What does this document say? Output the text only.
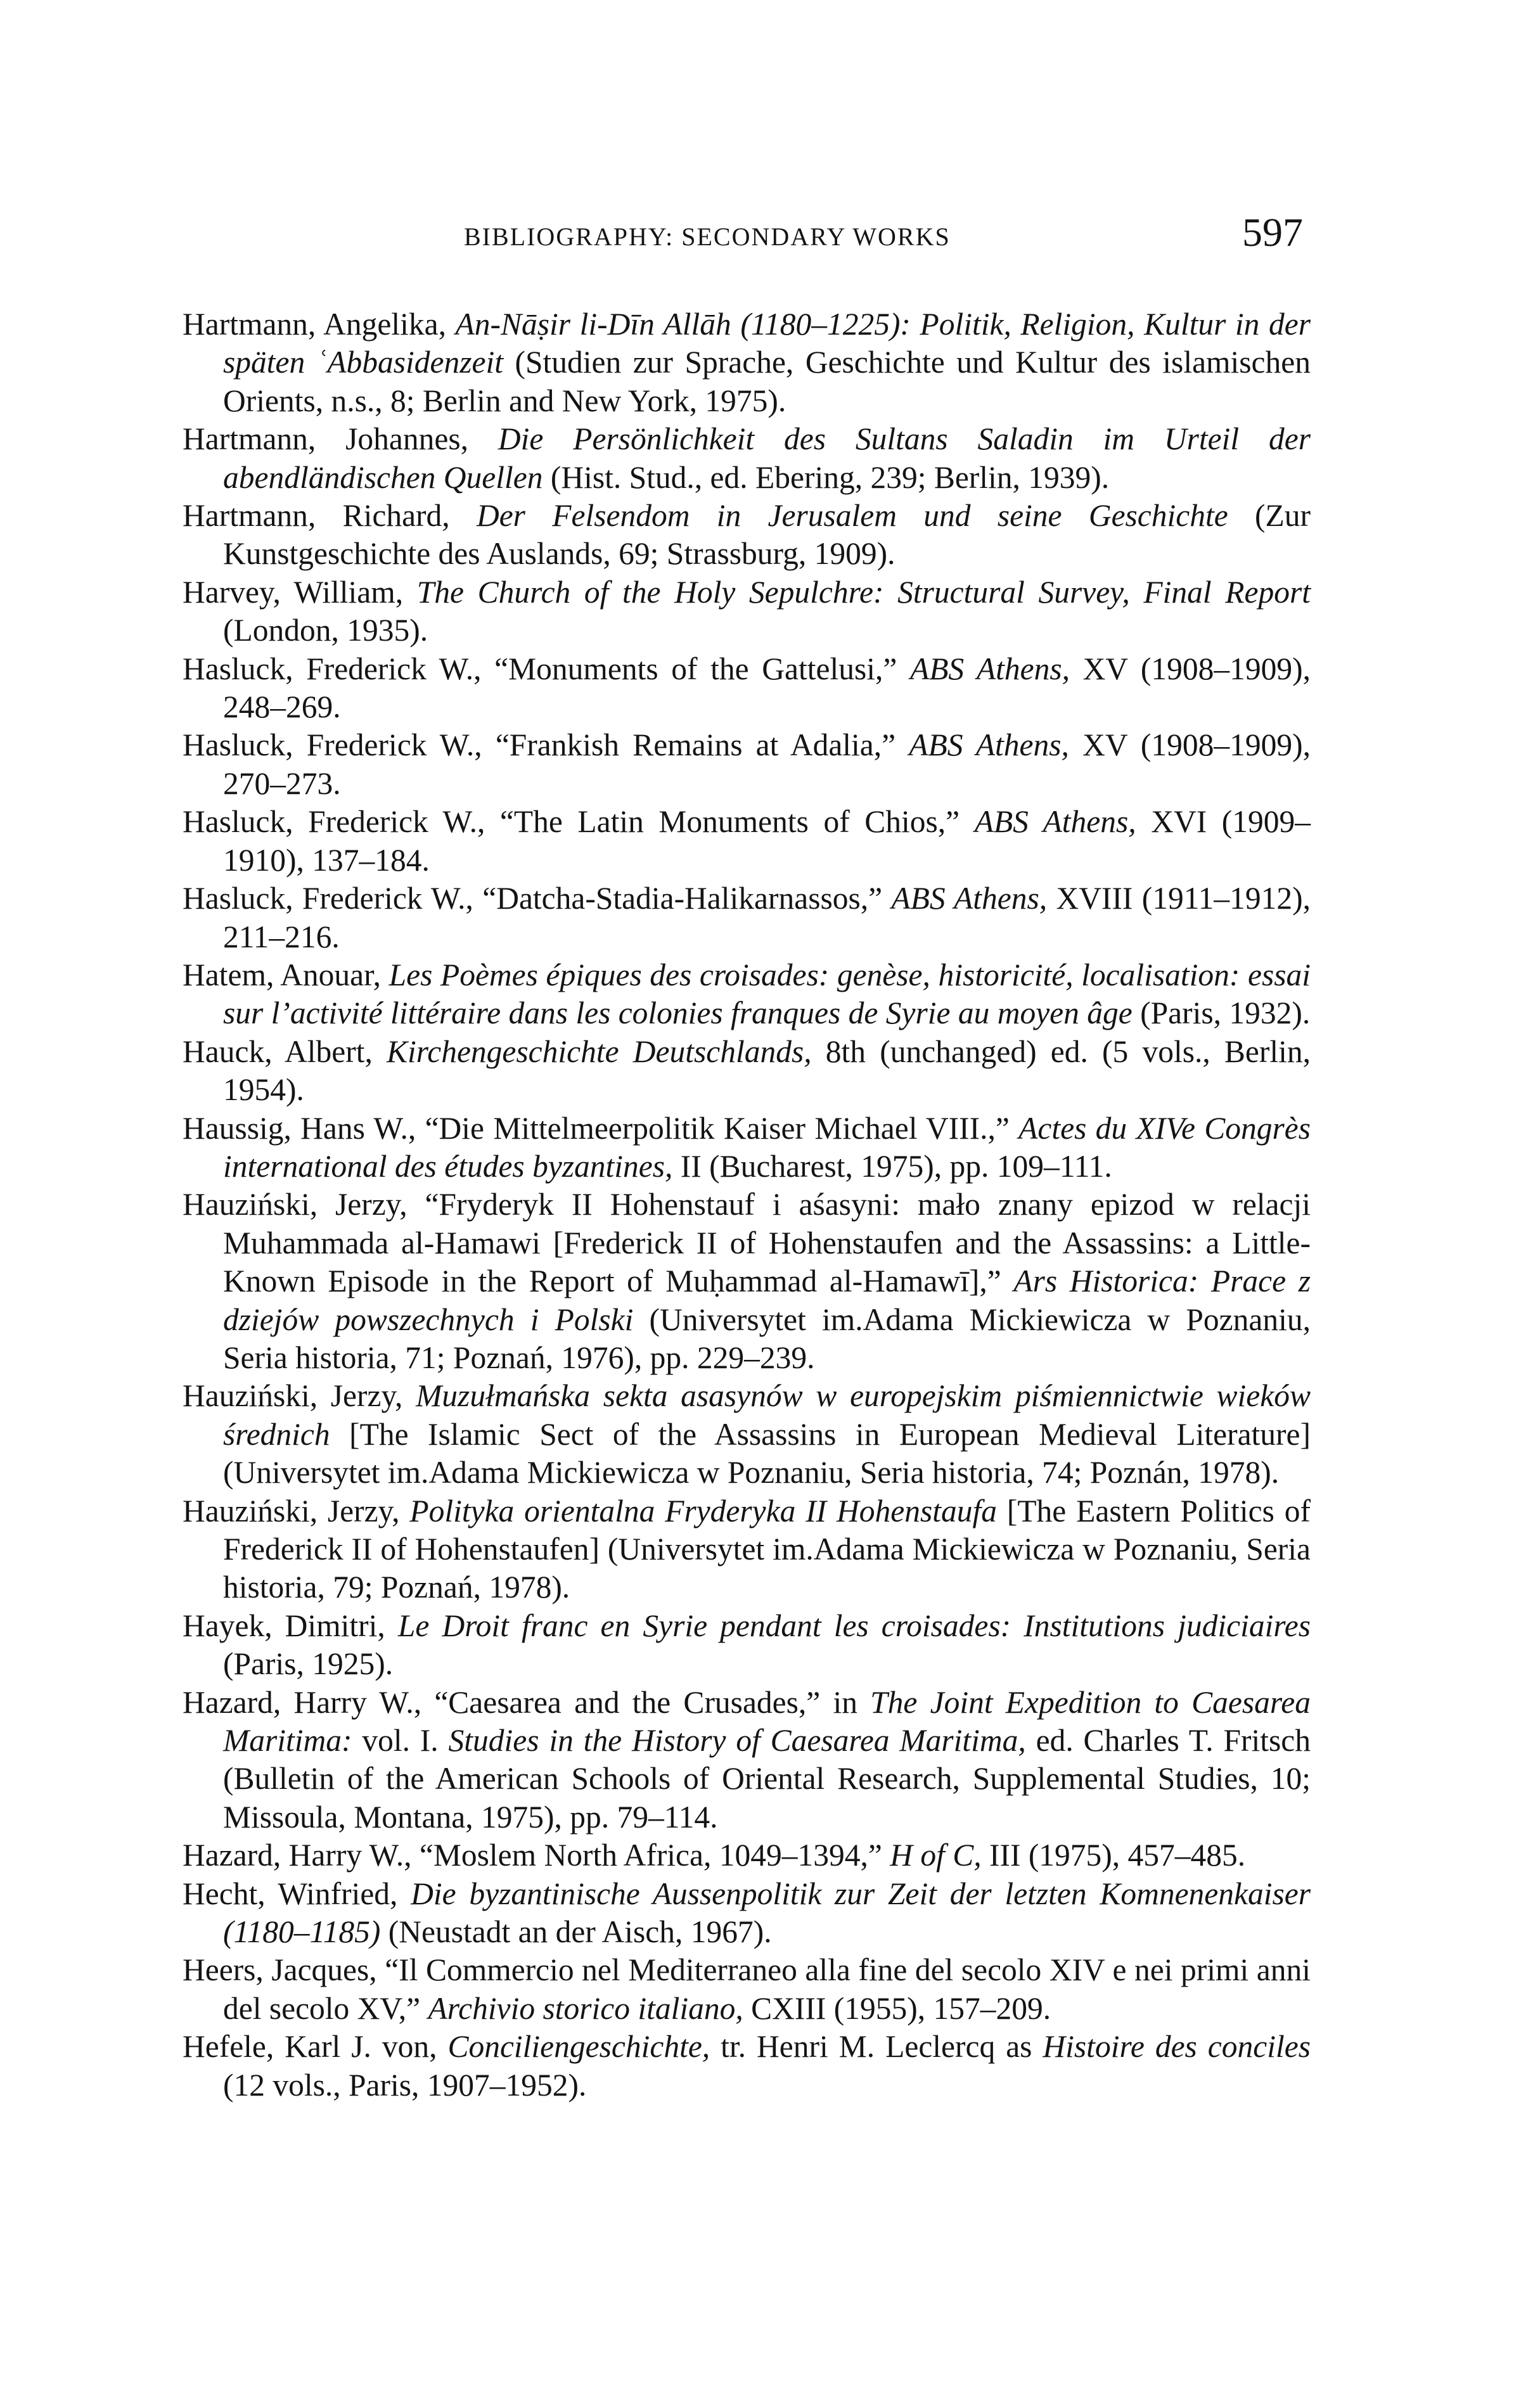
BIBLIOGRAPHY: SECONDARY WORKS	597

Hartmann, Angelika, An-Nāṣir li-Dīn Allāh (1180–1225): Politik, Religion, Kultur in der späten ʿAbbasidenzeit (Studien zur Sprache, Geschichte und Kultur des islamischen Orients, n.s., 8; Berlin and New York, 1975).

Hartmann, Johannes, Die Persönlichkeit des Sultans Saladin im Urteil der abendländischen Quellen (Hist. Stud., ed. Ebering, 239; Berlin, 1939).

Hartmann, Richard, Der Felsendom in Jerusalem und seine Geschichte (Zur Kunstgeschichte des Auslands, 69; Strassburg, 1909).

Harvey, William, The Church of the Holy Sepulchre: Structural Survey, Final Report (London, 1935).

Hasluck, Frederick W., “Monuments of the Gattelusi,” ABS Athens, XV (1908–1909), 248–269.

Hasluck, Frederick W., “Frankish Remains at Adalia,” ABS Athens, XV (1908–1909), 270–273.

Hasluck, Frederick W., “The Latin Monuments of Chios,” ABS Athens, XVI (1909–1910), 137–184.

Hasluck, Frederick W., “Datcha-Stadia-Halikarnassos,” ABS Athens, XVIII (1911–1912), 211–216.

Hatem, Anouar, Les Poèmes épiques des croisades: genèse, historicité, localisation: essai sur l’activité littéraire dans les colonies franques de Syrie au moyen âge (Paris, 1932).

Hauck, Albert, Kirchengeschichte Deutschlands, 8th (unchanged) ed. (5 vols., Berlin, 1954).

Haussig, Hans W., “Die Mittelmeerpolitik Kaiser Michael VIII.,” Actes du XIVe Congrès international des études byzantines, II (Bucharest, 1975), pp. 109–111.

Hauziński, Jerzy, “Fryderyk II Hohenstauf i aśasyni: mało znany epizod w relacji Muhammada al-Hamawi [Frederick II of Hohenstaufen and the Assassins: a Little-Known Episode in the Report of Muḥammad al-Hamawī],” Ars Historica: Prace z dziejów powszechnych i Polski (Universytet im.Adama Mickiewicza w Poznaniu, Seria historia, 71; Poznań, 1976), pp. 229–239.

Hauziński, Jerzy, Muzułmańska sekta asasynów w europejskim piśmiennictwie wieków średnich [The Islamic Sect of the Assassins in European Medieval Literature] (Universytet im.Adama Mickiewicza w Poznaniu, Seria historia, 74; Poznán, 1978).

Hauziński, Jerzy, Polityka orientalna Fryderyka II Hohenstaufa [The Eastern Politics of Frederick II of Hohenstaufen] (Universytet im.Adama Mickiewicza w Poznaniu, Seria historia, 79; Poznań, 1978).

Hayek, Dimitri, Le Droit franc en Syrie pendant les croisades: Institutions judiciaires (Paris, 1925).

Hazard, Harry W., “Caesarea and the Crusades,” in The Joint Expedition to Caesarea Maritima: vol. I. Studies in the History of Caesarea Maritima, ed. Charles T. Fritsch (Bulletin of the American Schools of Oriental Research, Supplemental Studies, 10; Missoula, Montana, 1975), pp. 79–114.

Hazard, Harry W., “Moslem North Africa, 1049–1394,” H of C, III (1975), 457–485.

Hecht, Winfried, Die byzantinische Aussenpolitik zur Zeit der letzten Komnenenkaiser (1180–1185) (Neustadt an der Aisch, 1967).

Heers, Jacques, “Il Commercio nel Mediterraneo alla fine del secolo XIV e nei primi anni del secolo XV,” Archivio storico italiano, CXIII (1955), 157–209.

Hefele, Karl J. von, Conciliengeschichte, tr. Henri M. Leclercq as Histoire des conciles (12 vols., Paris, 1907–1952).
